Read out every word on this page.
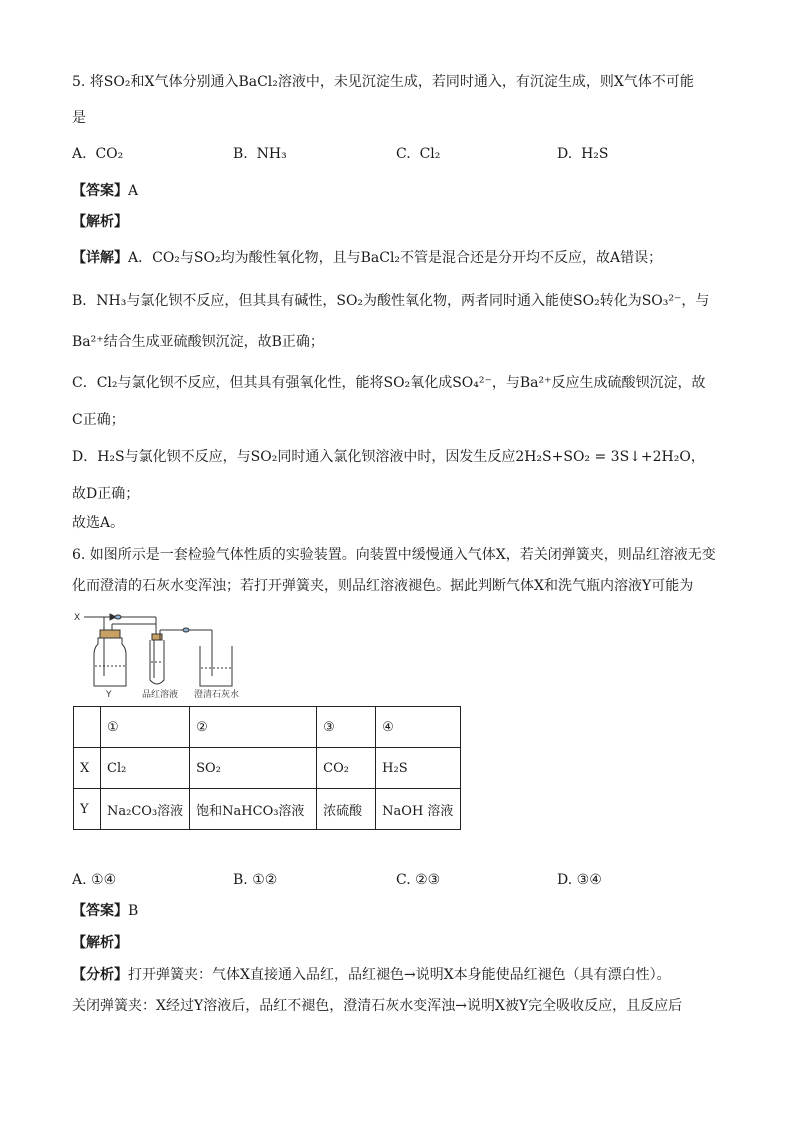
5. 将SO₂和X气体分别通入BaCl₂溶液中，未见沉淀生成，若同时通入，有沉淀生成，则X气体不可能
是
A. CO₂	B. NH₃	C. Cl₂	D. H₂S
【答案】A
【解析】
【详解】A．CO₂与SO₂均为酸性氧化物，且与BaCl₂不管是混合还是分开均不反应，故A错误；
B．NH₃与氯化钡不反应，但其具有碱性，SO₂为酸性氧化物，两者同时通入能使SO₂转化为SO₃²⁻，与
Ba²⁺结合生成亚硫酸钡沉淀，故B正确；
C．Cl₂与氯化钡不反应，但其具有强氧化性，能将SO₂氧化成SO₄²⁻，与Ba²⁺反应生成硫酸钡沉淀，故
C正确；
D．H₂S与氯化钡不反应，与SO₂同时通入氯化钡溶液中时，因发生反应2H₂S+SO₂ = 3S↓+2H₂O，
故D正确；
故选A。
6. 如图所示是一套检验气体性质的实验装置。向装置中缓慢通入气体X，若关闭弹簧夹，则品红溶液无变
化而澄清的石灰水变浑浊；若打开弹簧夹，则品红溶液褪色。据此判断气体X和洗气瓶内溶液Y可能为
X
Y	品红溶液 澄清石灰水
	①	②	③	④
X	Cl₂	SO₂	CO₂	H₂S
Y	Na₂CO₃溶液	饱和NaHCO₃溶液	浓硫酸	NaOH 溶液
A. ①④	B. ①②	C. ②③	D. ③④
【答案】B
【解析】
【分析】打开弹簧夹：气体X直接通入品红，品红褪色→说明X本身能使品红褪色（具有漂白性）。
关闭弹簧夹：X经过Y溶液后，品红不褪色，澄清石灰水变浑浊→说明X被Y完全吸收反应，且反应后
